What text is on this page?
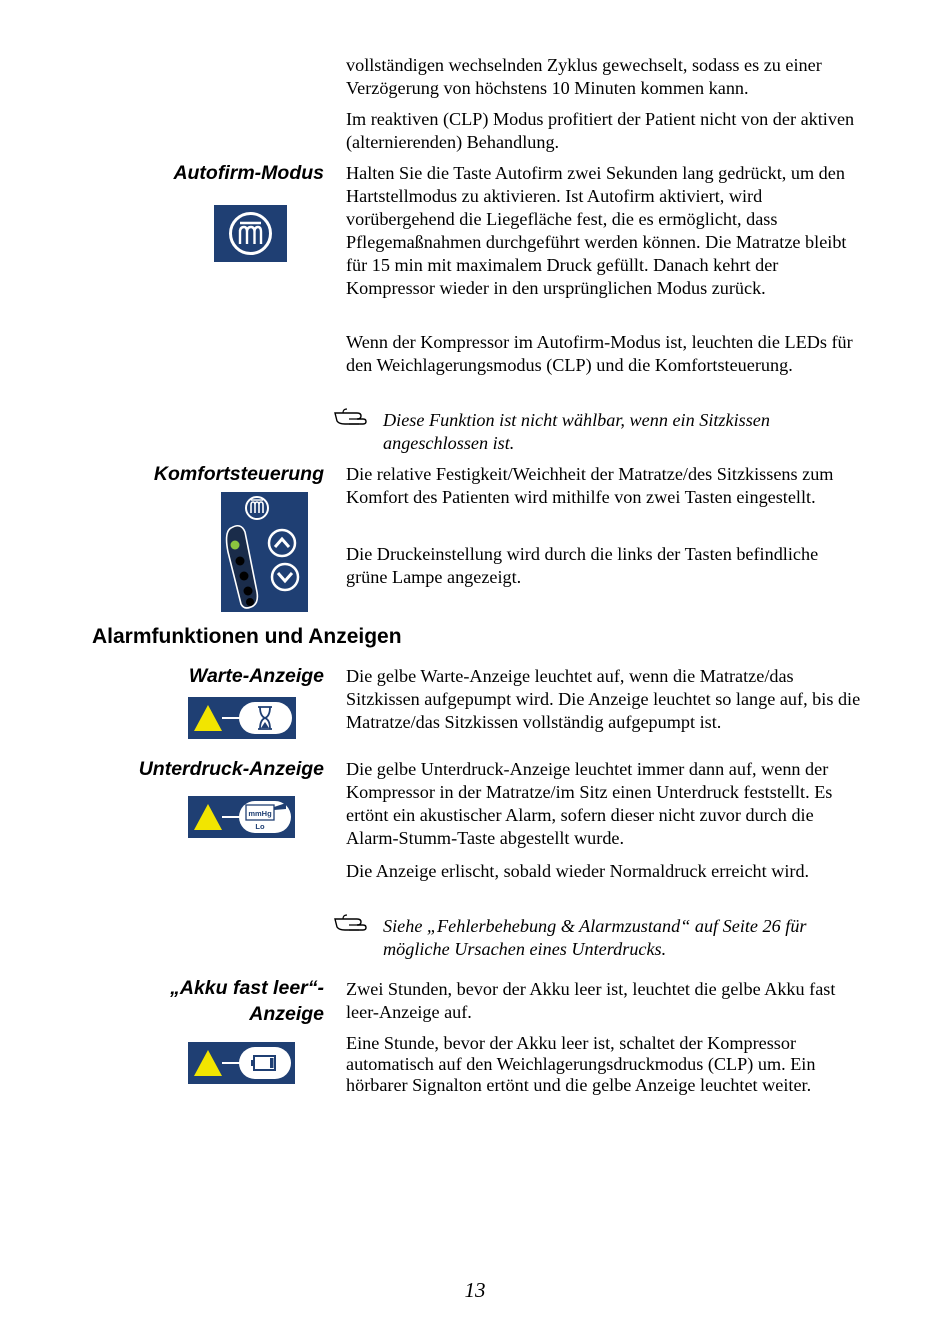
vollständigen wechselnden Zyklus gewechselt, sodass es zu einer Verzögerung von höchstens 10 Minuten kommen kann.

Im reaktiven (CLP) Modus profitiert der Patient nicht von der aktiven (alternierenden) Behandlung.

Autofirm-Modus Halten Sie die Taste Autofirm zwei Sekunden lang gedrückt, um den Hartstellmodus zu aktivieren. Ist Autofirm aktiviert, wird vorübergehend die Liegefläche fest, die es ermöglicht, dass Pflegemaßnahmen durchgeführt werden können. Die Matratze bleibt für 15 min mit maximalem Druck gefüllt. Danach kehrt der Kompressor wieder in den ursprünglichen Modus zurück.

Wenn der Kompressor im Autofirm-Modus ist, leuchten die LEDs für den Weichlagerungsmodus (CLP) und die Komfortsteuerung.

Diese Funktion ist nicht wählbar, wenn ein Sitzkissen angeschlossen ist.

Komfortsteuerung Die relative Festigkeit/Weichheit der Matratze/des Sitzkissens zum Komfort des Patienten wird mithilfe von zwei Tasten eingestellt.

Die Druckeinstellung wird durch die links der Tasten befindliche grüne Lampe angezeigt.

Alarmfunktionen und Anzeigen

Warte-Anzeige Die gelbe Warte-Anzeige leuchtet auf, wenn die Matratze/das Sitzkissen aufgepumpt wird. Die Anzeige leuchtet so lange auf, bis die Matratze/das Sitzkissen vollständig aufgepumpt ist.

Unterdruck-Anzeige

mmHg
Lo

Die gelbe Unterdruck-Anzeige leuchtet immer dann auf, wenn der Kompressor in der Matratze/im Sitz einen Unterdruck feststellt. Es ertönt ein akustischer Alarm, sofern dieser nicht zuvor durch die Alarm-Stumm-Taste abgestellt wurde.

Die Anzeige erlischt, sobald wieder Normaldruck erreicht wird.

Siehe „Fehlerbehebung & Alarmzustand“ auf Seite 26 für mögliche Ursachen eines Unterdrucks.

„Akku fast leer“-

Anzeige

Zwei Stunden, bevor der Akku leer ist, leuchtet die gelbe Akku fast leer-Anzeige auf.

Eine Stunde, bevor der Akku leer ist, schaltet der Kompressor automatisch auf den Weichlagerungsdruckmodus (CLP) um. Ein hörbarer Signalton ertönt und die gelbe Anzeige leuchtet weiter.

13
